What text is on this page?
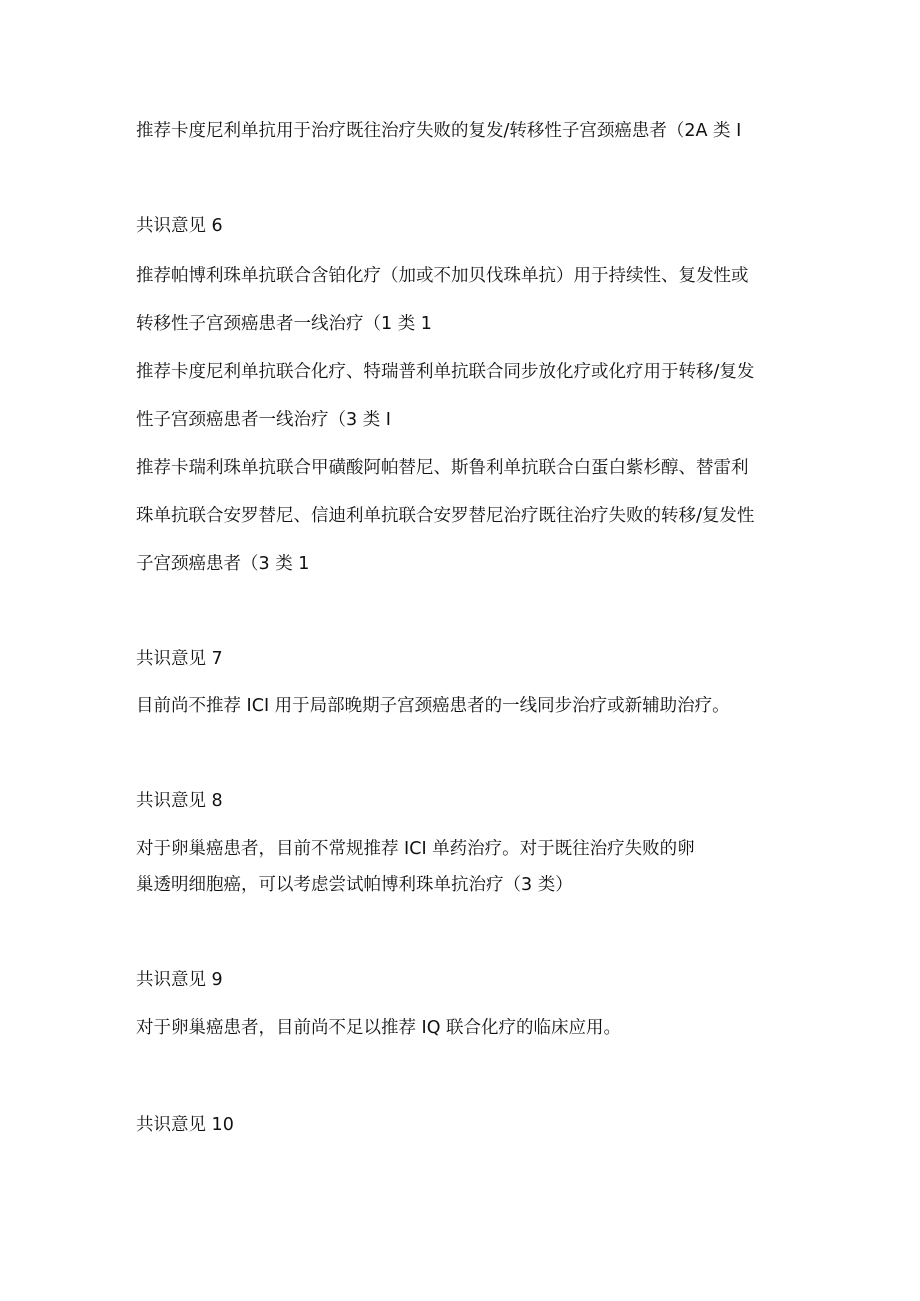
推荐卡度尼利单抗用于治疗既往治疗失败的复发/转移性子宫颈癌患者（2A 类 I

共识意见 6

推荐帕博利珠单抗联合含铂化疗（加或不加贝伐珠单抗）用于持续性、复发性或

转移性子宫颈癌患者一线治疗（1 类 1

推荐卡度尼利单抗联合化疗、特瑞普利单抗联合同步放化疗或化疗用于转移/复发

性子宫颈癌患者一线治疗（3 类 I

推荐卡瑞利珠单抗联合甲磺酸阿帕替尼、斯鲁利单抗联合白蛋白紫杉醇、替雷利

珠单抗联合安罗替尼、信迪利单抗联合安罗替尼治疗既往治疗失败的转移/复发性

子宫颈癌患者（3 类 1

共识意见 7

目前尚不推荐 ICI 用于局部晚期子宫颈癌患者的一线同步治疗或新辅助治疗。

共识意见 8

对于卵巢癌患者，目前不常规推荐 ICI 单药治疗。对于既往治疗失败的卵

巢透明细胞癌，可以考虑尝试帕博利珠单抗治疗（3 类）

共识意见 9

对于卵巢癌患者，目前尚不足以推荐 IQ 联合化疗的临床应用。

共识意见 10
